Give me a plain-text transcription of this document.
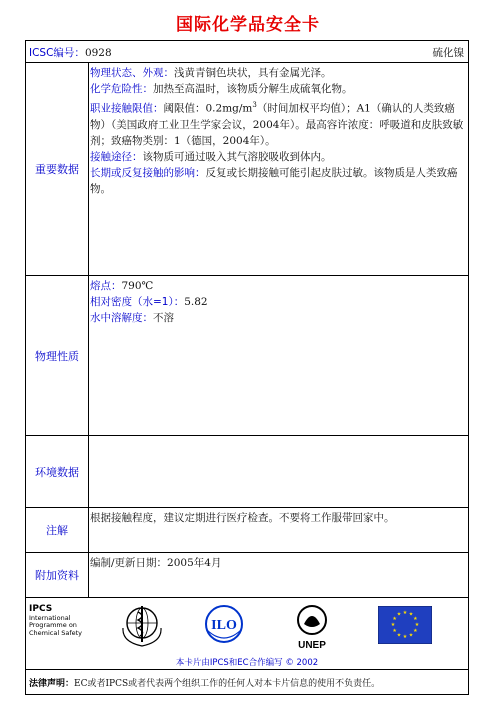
国际化学品安全卡
ICSC编号：0928	硫化镍
重要数据
物理状态、外观：浅黄青铜色块状，具有金属光泽。
化学危险性：加热至高温时，该物质分解生成硫氧化物。
职业接触限值：阈限值：$0.2mg/m^3$（时间加权平均值）；A1（确认的人类致癌物）（美国政府工业卫生学家会议，2004年）。最高容许浓度：呼吸道和皮肤致敏剂；致癌物类别：1（德国，2004年）。
接触途径：该物质可通过吸入其气溶胶吸收到体内。
长期或反复接触的影响：反复或长期接触可能引起皮肤过敏。该物质是人类致癌物。
物理性质
熔点：790℃
相对密度（水=1）：5.82
水中溶解度：不溶
环境数据
注解
根据接触程度，建议定期进行医疗检查。不要将工作服带回家中。
附加资料
编制/更新日期：2005年4月
IPCS
International
Programme on
Chemical Safety	ILO
UNEP
★ ★
★
★
★
★
★
★
★
★
★
★
本卡片由IPCS和EC合作编写 © 2002
法律声明：EC或者IPCS或者代表两个组织工作的任何人对本卡片信息的使用不负责任。
